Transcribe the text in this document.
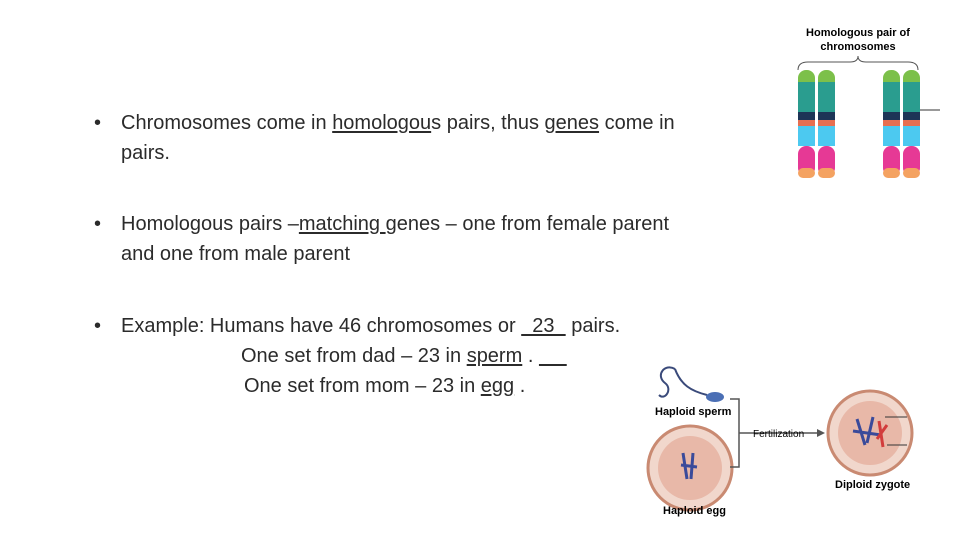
• Chromosomes come in homologous pairs, thus genes come in
pairs.
• Homologous pairs –matching genes – one from female parent
and one from male parent
• Example: Humans have 46 chromosomes or   23   pairs.
One set from dad – 23 in sperm .
One set from mom – 23 in egg .
Homologous pair of
chromosomes
Haploid sperm
Haploid egg
Fertilization
Diploid zygote
